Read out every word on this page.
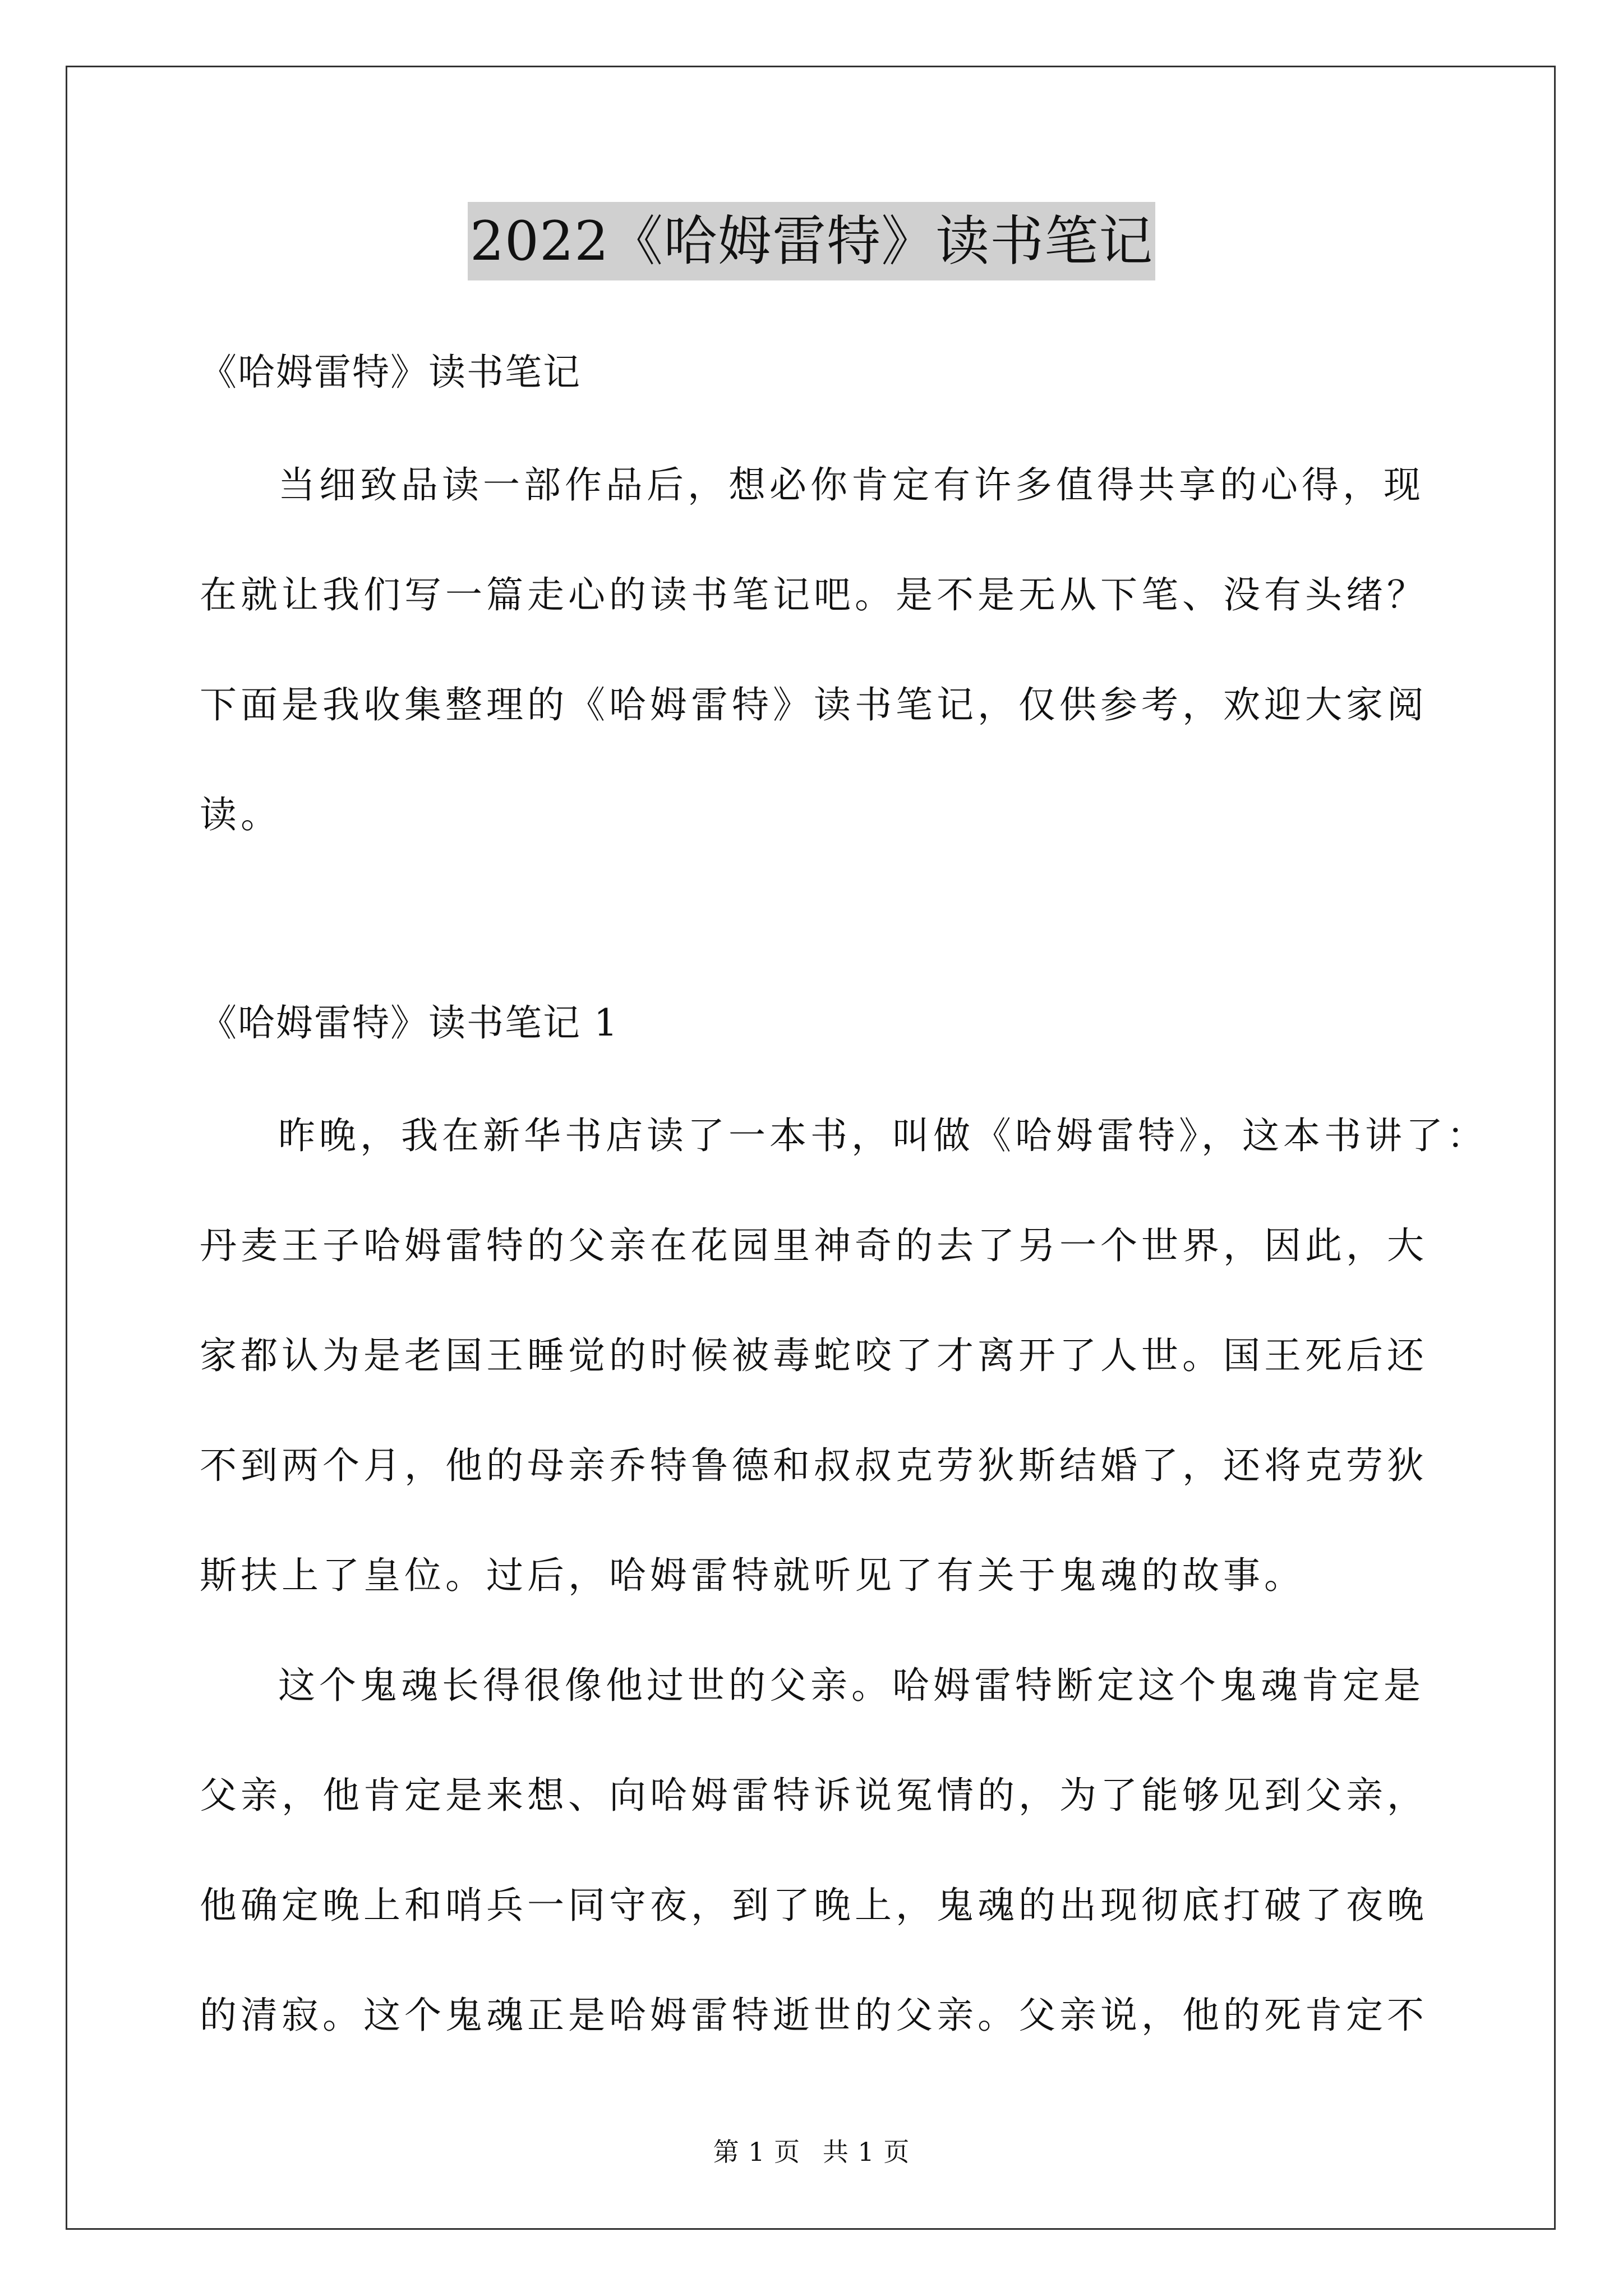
2022《哈姆雷特》读书笔记
《哈姆雷特》读书笔记
当细致品读一部作品后，想必你肯定有许多值得共享的心得，现
在就让我们写一篇走心的读书笔记吧。是不是无从下笔、没有头绪？
下面是我收集整理的《哈姆雷特》读书笔记，仅供参考，欢迎大家阅
读。
《哈姆雷特》读书笔记 1
昨晚，我在新华书店读了一本书，叫做《哈姆雷特》，这本书讲了：
丹麦王子哈姆雷特的父亲在花园里神奇的去了另一个世界，因此，大
家都认为是老国王睡觉的时候被毒蛇咬了才离开了人世。国王死后还
不到两个月，他的母亲乔特鲁德和叔叔克劳狄斯结婚了，还将克劳狄
斯扶上了皇位。过后，哈姆雷特就听见了有关于鬼魂的故事。
这个鬼魂长得很像他过世的父亲。哈姆雷特断定这个鬼魂肯定是
父亲，他肯定是来想、向哈姆雷特诉说冤情的，为了能够见到父亲，
他确定晚上和哨兵一同守夜，到了晚上，鬼魂的出现彻底打破了夜晚
的清寂。这个鬼魂正是哈姆雷特逝世的父亲。父亲说，他的死肯定不
第 1 页 共 1 页
